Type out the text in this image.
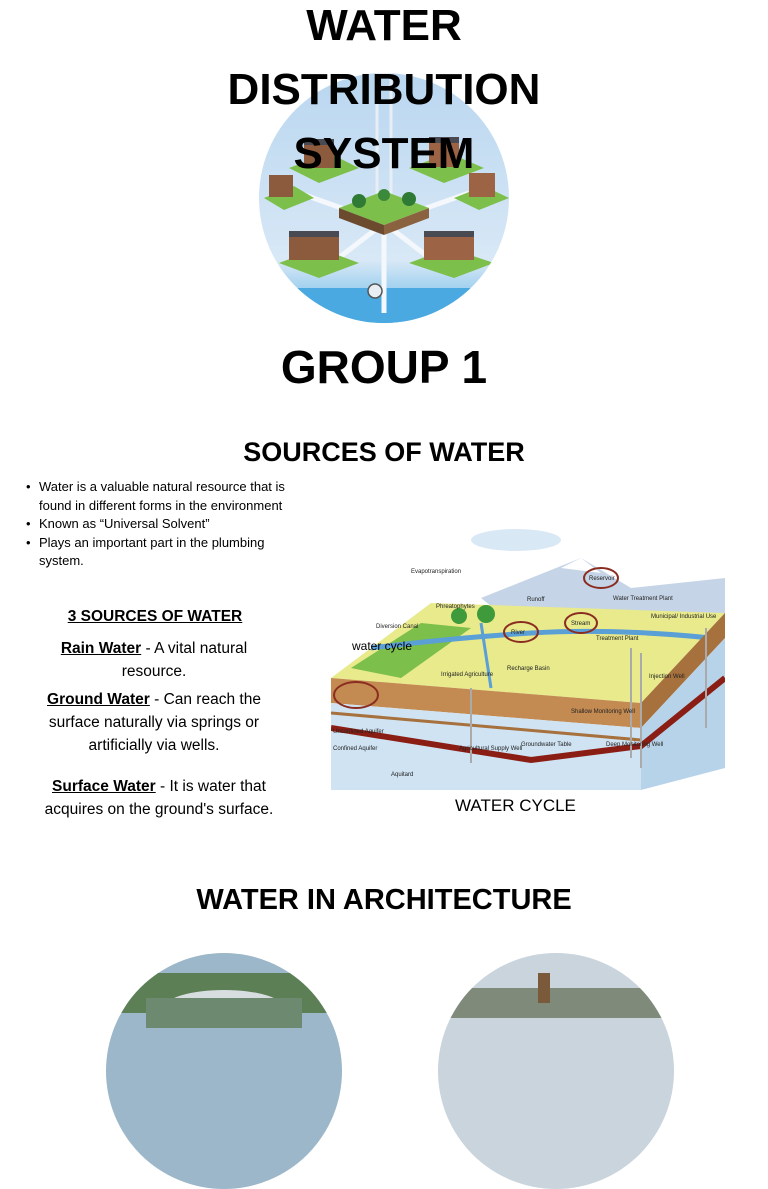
WATER
DISTRIBUTION
SYSTEM
GROUP 1
SOURCES OF WATER
• Water is a valuable natural resource that is found in different forms in the environment
• Known as “Universal Solvent”
• Plays an important part in the plumbing system.
3 SOURCES OF WATER
Rain Water - A vital natural resource.
Ground Water - Can reach the surface naturally via springs or artificially via wells.
Surface Water - It is water that acquires on the ground's surface.
Evapotranspiration
Phreatophytes
Runoff
Reservoir
Water Treatment Plant
Municipal/ Industrial Use
Diversion Canal
River
Stream
Treatment Plant
Irrigated Agriculture
Recharge Basin
Injection Well
Shallow Monitoring Well
Unconfined Aquifer
Confined Aquifer
Aquitard
Agricultural Supply Well
Groundwater Table	Deep Monitoring Well
water cycle
WATER CYCLE
WATER IN ARCHITECTURE
